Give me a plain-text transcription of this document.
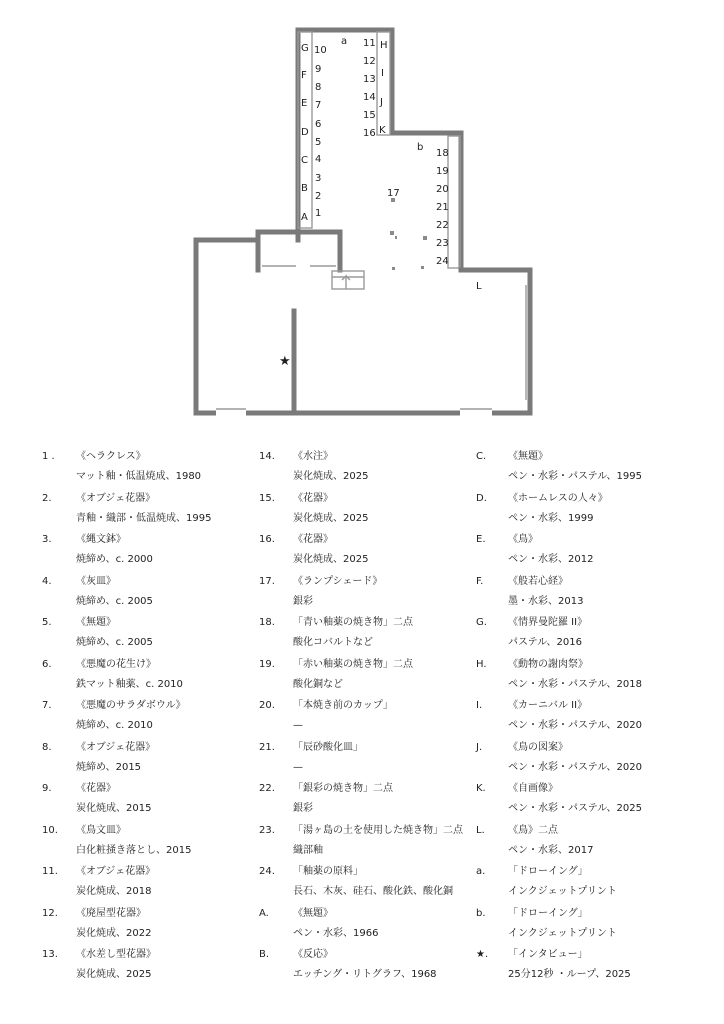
G
F
E
D
C
B
A
10
9
8
7
6
5
4
3
2
1
11
12
13
14
15
16
H
I
J
K
18
19
20
21
22
23
24
a
b
17
L
★
1 . 《ヘラクレス》
マット釉・低温焼成、1980
2. 《オブジェ花器》
青釉・織部・低温焼成、1995
3. 《縄文鉢》
焼締め、c. 2000
4. 《灰皿》
焼締め、c. 2005
5. 《無題》
焼締め、c. 2005
6. 《悪魔の花生け》
鉄マット釉薬、c. 2010
7. 《悪魔のサラダボウル》
焼締め、c. 2010
8. 《オブジェ花器》
焼締め、2015
9. 《花器》
炭化焼成、2015
10. 《鳥文皿》
白化粧掻き落とし、2015
11. 《オブジェ花器》
炭化焼成、2018
12. 《廃屋型花器》
炭化焼成、2022
13. 《水差し型花器》
炭化焼成、2025
14. 《水注》
炭化焼成、2025
15. 《花器》
炭化焼成、2025
16. 《花器》
炭化焼成、2025
17. 《ランプシェード》
銀彩
18. 「青い釉薬の焼き物」二点
酸化コバルトなど
19. 「赤い釉薬の焼き物」二点
酸化銅など
20. 「本焼き前のカップ」
—
21. 「辰砂酸化皿」
—
22. 「銀彩の焼き物」二点
銀彩
23. 「湯ヶ島の土を使用した焼き物」二点
織部釉
24. 「釉薬の原料」
長石、木灰、硅石、酸化鉄、酸化銅
A. 《無題》
ペン・水彩、1966
B. 《反応》
エッチング・リトグラフ、1968
C. 《無題》
ペン・水彩・パステル、1995
D. 《ホームレスの人々》
ペン・水彩、1999
E. 《鳥》
ペン・水彩、2012
F. 《般若心経》
墨・水彩、2013
G. 《情界曼陀羅 II》
パステル、2016
H. 《動物の謝肉祭》
ペン・水彩・パステル、2018
I.	《カーニバル II》
ペン・水彩・パステル、2020
J.	《鳥の図案》
ペン・水彩・パステル、2020
K. 《自画像》
ペン・水彩・パステル、2025
L. 《鳥》二点
ペン・水彩、2017
a. 「ドローイング」
インクジェットプリント
b. 「ドローイング」
インクジェットプリント
★. 「インタビュー」
25分12秒 ・ループ、2025
